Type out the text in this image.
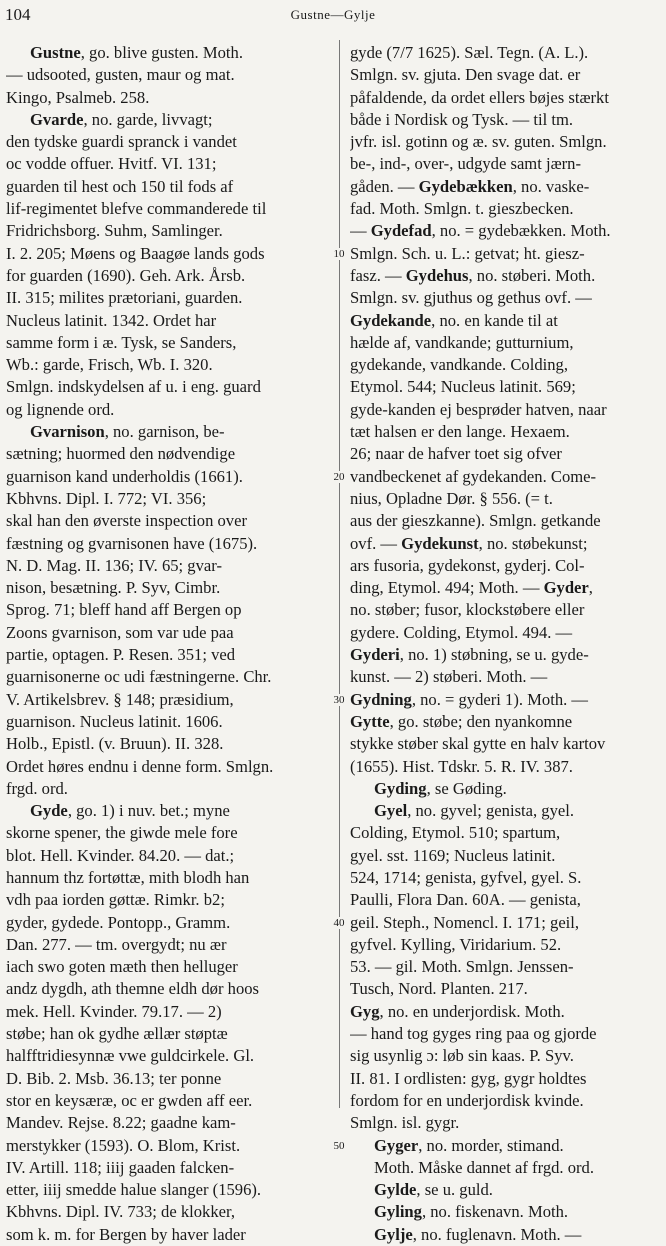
104	Gustne—Gylje
Gustne, go. blive gusten. Moth.
— udsooted, gusten, maur og mat.
Kingo, Psalmeb. 258.
Gvarde, no. garde, livvagt;
den tydske guardi spranck i vandet
oc vodde offuer. Hvitf. VI. 131;
guarden til hest och 150 til fods af
lif-regimentet blefve commanderede til
Fridrichsborg. Suhm, Samlinger.
I. 2. 205; Møens og Baagøe lands gods
for guarden (1690). Geh. Ark. Årsb.
II. 315; milites prætoriani, guarden.
Nucleus latinit. 1342. Ordet har
samme form i æ. Tysk, se Sanders,
Wb.: garde, Frisch, Wb. I. 320.
Smlgn. indskydelsen af u. i eng. guard
og lignende ord.
Gvarnison, no. garnison, be-
sætning; huormed den nødvendige
guarnison kand underholdis (1661).
Kbhvns. Dipl. I. 772; VI. 356;
skal han den øverste inspection over
fæstning og gvarnisonen have (1675).
N. D. Mag. II. 136; IV. 65; gvar-
nison, besætning. P. Syv, Cimbr.
Sprog. 71; bleff hand aff Bergen op
Zoons gvarnison, som var ude paa
partie, optagen. P. Resen. 351; ved
guarnisonerne oc udi fæstningerne. Chr.
V. Artikelsbrev. § 148; præsidium,
guarnison. Nucleus latinit. 1606.
Holb., Epistl. (v. Bruun). II. 328.
Ordet høres endnu i denne form. Smlgn.
frgd. ord.
Gyde, go. 1) i nuv. bet.; myne
skorne spener, the giwde mele fore
blot. Hell. Kvinder. 84.20. — dat.;
hannum thz fortøttæ, mith blodh han
vdh paa iorden gøttæ. Rimkr. b2;
gyder, gydede. Pontopp., Gramm.
Dan. 277. — tm. overgydt; nu ær
iach swo goten mæth then helluger
andz dygdh, ath themne eldh dør hoos
mek. Hell. Kvinder. 79.17. — 2)
støbe; han ok gydhe ællær støptæ
halfftridiesynnæ vwe guldcirkele. Gl.
D. Bib. 2. Msb. 36.13; ter ponne
stor en keysæræ, oc er gwden aff eer.
Mandev. Rejse. 8.22; gaadne kam-
merstykker (1593). O. Blom, Krist.
IV. Artill. 118; iiij gaaden falcken-
etter, iiij smedde halue slanger (1596).
Kbhvns. Dipl. IV. 733; de klokker,
som k. m. for Bergen by haver lader
gyde (7/7 1625). Sæl. Tegn. (A. L.).
Smlgn. sv. gjuta. Den svage dat. er
påfaldende, da ordet ellers bøjes stærkt
både i Nordisk og Tysk. — til tm.
jvfr. isl. gotinn og æ. sv. guten. Smlgn.
be-, ind-, over-, udgyde samt jærn-
gåden. — Gydebækken, no. vaske-
fad. Moth. Smlgn. t. gieszbecken.
— Gydefad, no. = gydebækken. Moth.
Smlgn. Sch. u. L.: getvat; ht. giesz-
fasz. — Gydehus, no. støberi. Moth.
Smlgn. sv. gjuthus og gethus ovf. —
Gydekande, no. en kande til at
hælde af, vandkande; gutturnium,
gydekande, vandkande. Colding,
Etymol. 544; Nucleus latinit. 569;
gyde-kanden ej besprøder hatven, naar
tæt halsen er den lange. Hexaem.
26; naar de hafver toet sig ofver
vandbeckenet af gydekanden. Come-
nius, Opladne Dør. § 556. (= t.
aus der gieszkanne). Smlgn. getkande
ovf. — Gydekunst, no. støbekunst;
ars fusoria, gydekonst, gyderj. Col-
ding, Etymol. 494; Moth. — Gyder,
no. støber; fusor, klockstøbere eller
gydere. Colding, Etymol. 494. —
Gyderi, no. 1) støbning, se u. gyde-
kunst. — 2) støberi. Moth. —
Gydning, no. = gyderi 1). Moth. —
Gytte, go. støbe; den nyankomne
stykke støber skal gytte en halv kartov
(1655). Hist. Tdskr. 5. R. IV. 387.
Gyding, se Gøding.
Gyel, no. gyvel; genista, gyel.
Colding, Etymol. 510; spartum,
gyel. sst. 1169; Nucleus latinit.
524, 1714; genista, gyfvel, gyel. S.
Paulli, Flora Dan. 60A. — genista,
geil. Steph., Nomencl. I. 171; geil,
gyfvel. Kylling, Viridarium. 52.
53. — gil. Moth. Smlgn. Jenssen-
Tusch, Nord. Planten. 217.
Gyg, no. en underjordisk. Moth.
— hand tog gyges ring paa og gjorde
sig usynlig ɔ: løb sin kaas. P. Syv.
II. 81. I ordlisten: gyg, gygr holdtes
fordom for en underjordisk kvinde.
Smlgn. isl. gygr.
Gyger, no. morder, stimand.
Moth. Måske dannet af frgd. ord.
Gylde, se u. guld.
Gyling, no. fiskenavn. Moth.
Gylje, no. fuglenavn. Moth. —
10
20
30
40
50
